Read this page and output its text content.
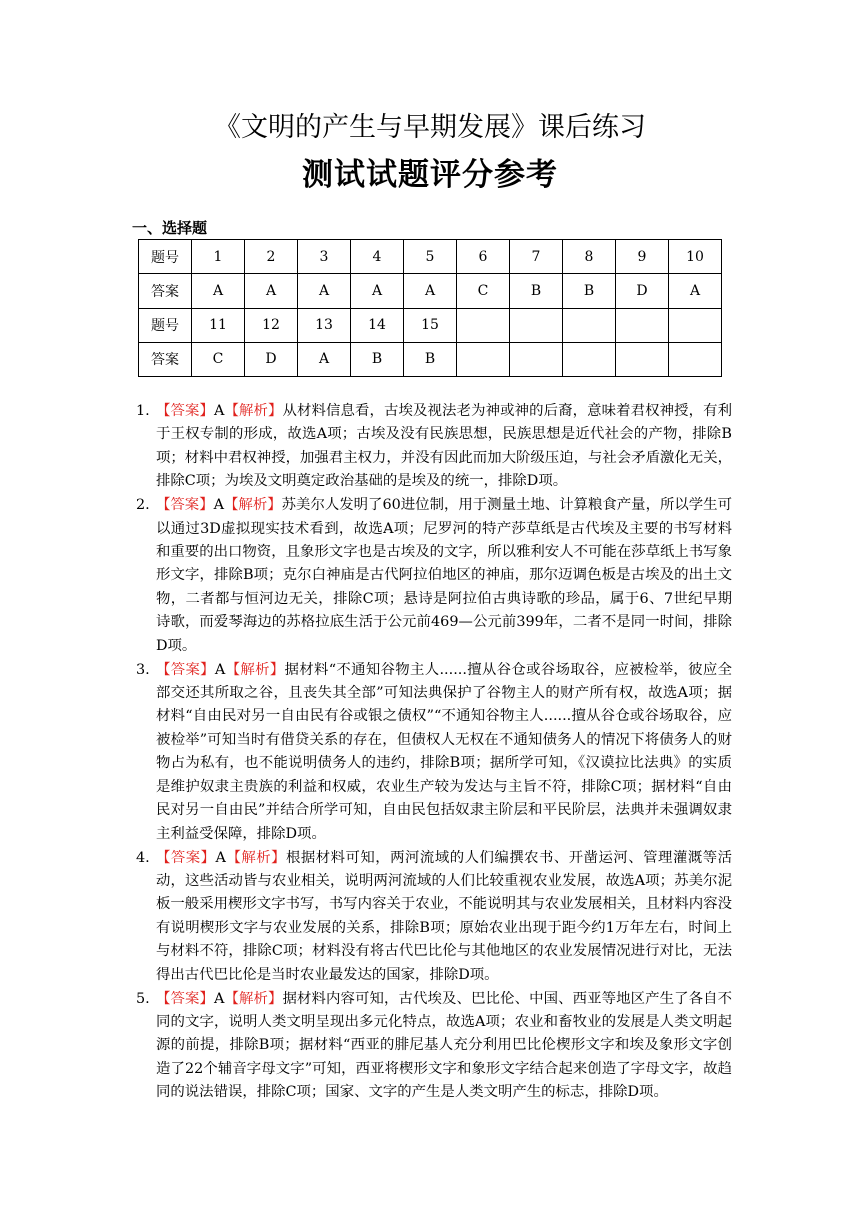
《文明的产生与早期发展》课后练习
测试试题评分参考
一、选择题
题号	1	2	3	4	5	6	7	8	9	10
答案	A	A	A	A	A	C	B	B	D	A
题号	11	12	13	14	15					
答案	C	D	A	B	B					
1. 【答案】A【解析】从材料信息看，古埃及视法老为神或神的后裔，意味着君权神授，有利于王权专制的形成，故选A项；古埃及没有民族思想，民族思想是近代社会的产物，排除B项；材料中君权神授，加强君主权力，并没有因此而加大阶级压迫，与社会矛盾激化无关，排除C项；为埃及文明奠定政治基础的是埃及的统一，排除D项。
2. 【答案】A【解析】苏美尔人发明了60进位制，用于测量土地、计算粮食产量，所以学生可以通过3D虚拟现实技术看到，故选A项；尼罗河的特产莎草纸是古代埃及主要的书写材料和重要的出口物资，且象形文字也是古埃及的文字，所以雅利安人不可能在莎草纸上书写象形文字，排除B项；克尔白神庙是古代阿拉伯地区的神庙，那尔迈调色板是古埃及的出土文物，二者都与恒河边无关，排除C项；悬诗是阿拉伯古典诗歌的珍品，属于6、7世纪早期诗歌，而爱琴海边的苏格拉底生活于公元前469—公元前399年，二者不是同一时间，排除D项。
3. 【答案】A【解析】据材料“不通知谷物主人......擅从谷仓或谷场取谷，应被检举，彼应全部交还其所取之谷，且丧失其全部”可知法典保护了谷物主人的财产所有权，故选A项；据材料“自由民对另一自由民有谷或银之债权”“不通知谷物主人......擅从谷仓或谷场取谷，应被检举”可知当时有借贷关系的存在，但债权人无权在不通知债务人的情况下将债务人的财物占为私有，也不能说明债务人的违约，排除B项；据所学可知，《汉谟拉比法典》的实质是维护奴隶主贵族的利益和权威，农业生产较为发达与主旨不符，排除C项；据材料“自由民对另一自由民”并结合所学可知，自由民包括奴隶主阶层和平民阶层，法典并未强调奴隶主利益受保障，排除D项。
4. 【答案】A【解析】根据材料可知，两河流域的人们编撰农书、开凿运河、管理灌溉等活动，这些活动皆与农业相关，说明两河流域的人们比较重视农业发展，故选A项；苏美尔泥板一般采用楔形文字书写，书写内容关于农业，不能说明其与农业发展相关，且材料内容没有说明楔形文字与农业发展的关系，排除B项；原始农业出现于距今约1万年左右，时间上与材料不符，排除C项；材料没有将古代巴比伦与其他地区的农业发展情况进行对比，无法得出古代巴比伦是当时农业最发达的国家，排除D项。
5. 【答案】A【解析】据材料内容可知，古代埃及、巴比伦、中国、西亚等地区产生了各自不同的文字，说明人类文明呈现出多元化特点，故选A项；农业和畜牧业的发展是人类文明起源的前提，排除B项；据材料“西亚的腓尼基人充分利用巴比伦楔形文字和埃及象形文字创造了22个辅音字母文字”可知，西亚将楔形文字和象形文字结合起来创造了字母文字，故趋同的说法错误，排除C项；国家、文字的产生是人类文明产生的标志，排除D项。
